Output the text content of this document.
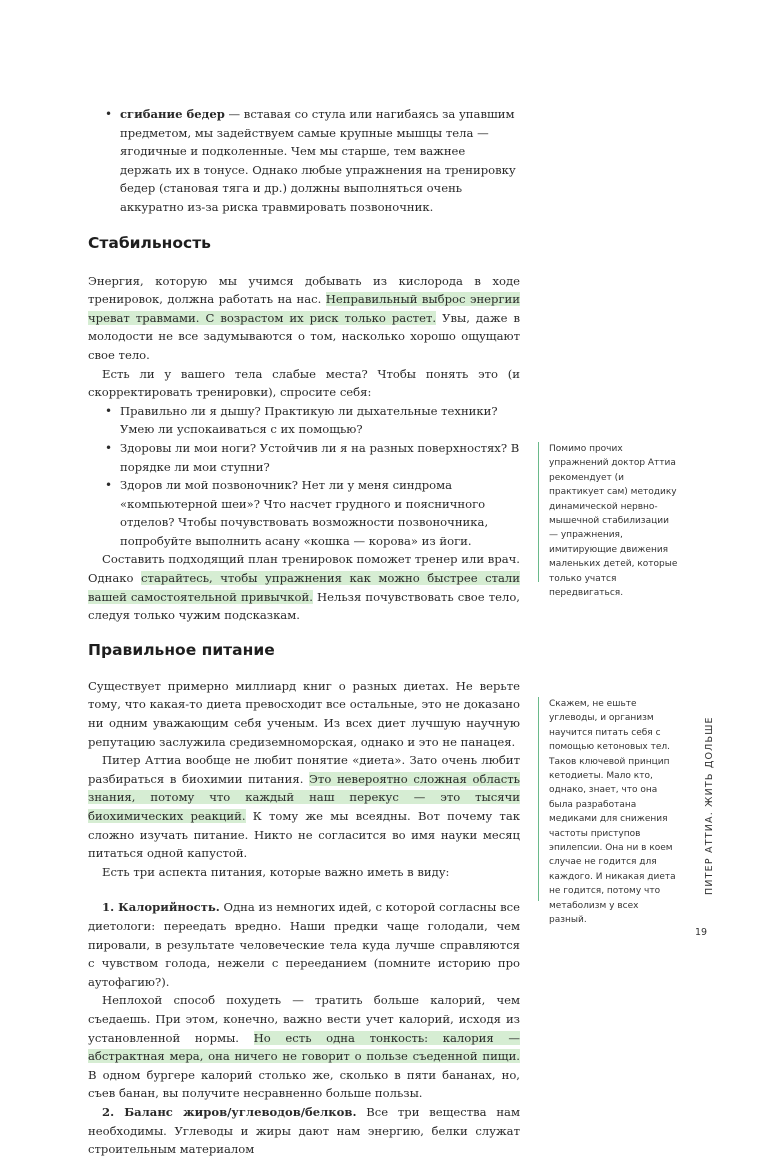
• сгибание бедер — вставая со стула или нагибаясь за упавшим предметом, мы задействуем самые крупные мышцы тела — ягодичные и подколенные. Чем мы старше, тем важнее держать их в тонусе. Однако любые упражнения на тренировку бедер (становая тяга и др.) должны выполняться очень аккуратно из-за риска травмировать позвоночник.
Стабильность

Энергия, которую мы учимся добывать из кислорода в ходе тренировок, должна работать на нас. Неправильный выброс энергии чреват травмами. С возрастом их риск только растет. Увы, даже в молодости не все задумываются о том, насколько хорошо ощущают свое тело.

Есть ли у вашего тела слабые места? Чтобы понять это (и скорректировать тренировки), спросите себя:

• Правильно ли я дышу? Практикую ли дыхательные техники? Умею ли успокаиваться с их помощью?
• Здоровы ли мои ноги? Устойчив ли я на разных поверхностях? В порядке ли мои ступни?
• Здоров ли мой позвоночник? Нет ли у меня синдрома «компьютерной шеи»? Что насчет грудного и поясничного отделов? Чтобы почувствовать возможности позвоночника, попробуйте выполнить асану «кошка — корова» из йоги.

Составить подходящий план тренировок поможет тренер или врач. Однако старайтесь, чтобы упражнения как можно быстрее стали вашей самостоятельной привычкой. Нельзя почувствовать свое тело, следуя только чужим подсказкам.

Правильное питание

Существует примерно миллиард книг о разных диетах. Не верьте тому, что какая-то диета превосходит все остальные, это не доказано ни одним уважающим себя ученым. Из всех диет лучшую научную репутацию заслужила средиземноморская, однако и это не панацея.

Питер Аттиа вообще не любит понятие «диета». Зато очень любит разбираться в биохимии питания. Это невероятно сложная область знания, потому что каждый наш перекус — это тысячи биохимических реакций. К тому же мы всеядны. Вот почему так сложно изучать питание. Никто не согласится во имя науки месяц питаться одной капустой.

Есть три аспекта питания, которые важно иметь в виду:

1. Калорийность. Одна из немногих идей, с которой согласны все диетологи: переедать вредно. Наши предки чаще голодали, чем пировали, в результате человеческие тела куда лучше справляются с чувством голода, нежели с перееданием (помните историю про аутофагию?).

Неплохой способ похудеть — тратить больше калорий, чем съедаешь. При этом, конечно, важно вести учет калорий, исходя из установленной нормы. Но есть одна тонкость: калория — абстрактная мера, она ничего не говорит о пользе съеденной пищи. В одном бургере калорий столько же, сколько в пяти бананах, но, съев банан, вы получите несравненно больше пользы.

2. Баланс жиров/углеводов/белков. Все три вещества нам необходимы. Углеводы и жиры дают нам энергию, белки служат строительным материалом

Помимо прочих упражнений доктор Аттиа рекомендует (и практикует сам) методику динамической нервно-мышечной стабилизации — упражнения, имитирующие движения маленьких детей, которые только учатся передвигаться.
Скажем, не ешьте углеводы, и организм научится питать себя с помощью кетоновых тел. Таков ключевой принцип кетодиеты. Мало кто, однако, знает, что она была разработана медиками для снижения частоты приступов эпилепсии. Она ни в коем случае не годится для каждого. И никакая диета не годится, потому что метаболизм у всех разный.
ПИТЕР АТТИА. ЖИТЬ ДОЛЬШЕ
19
